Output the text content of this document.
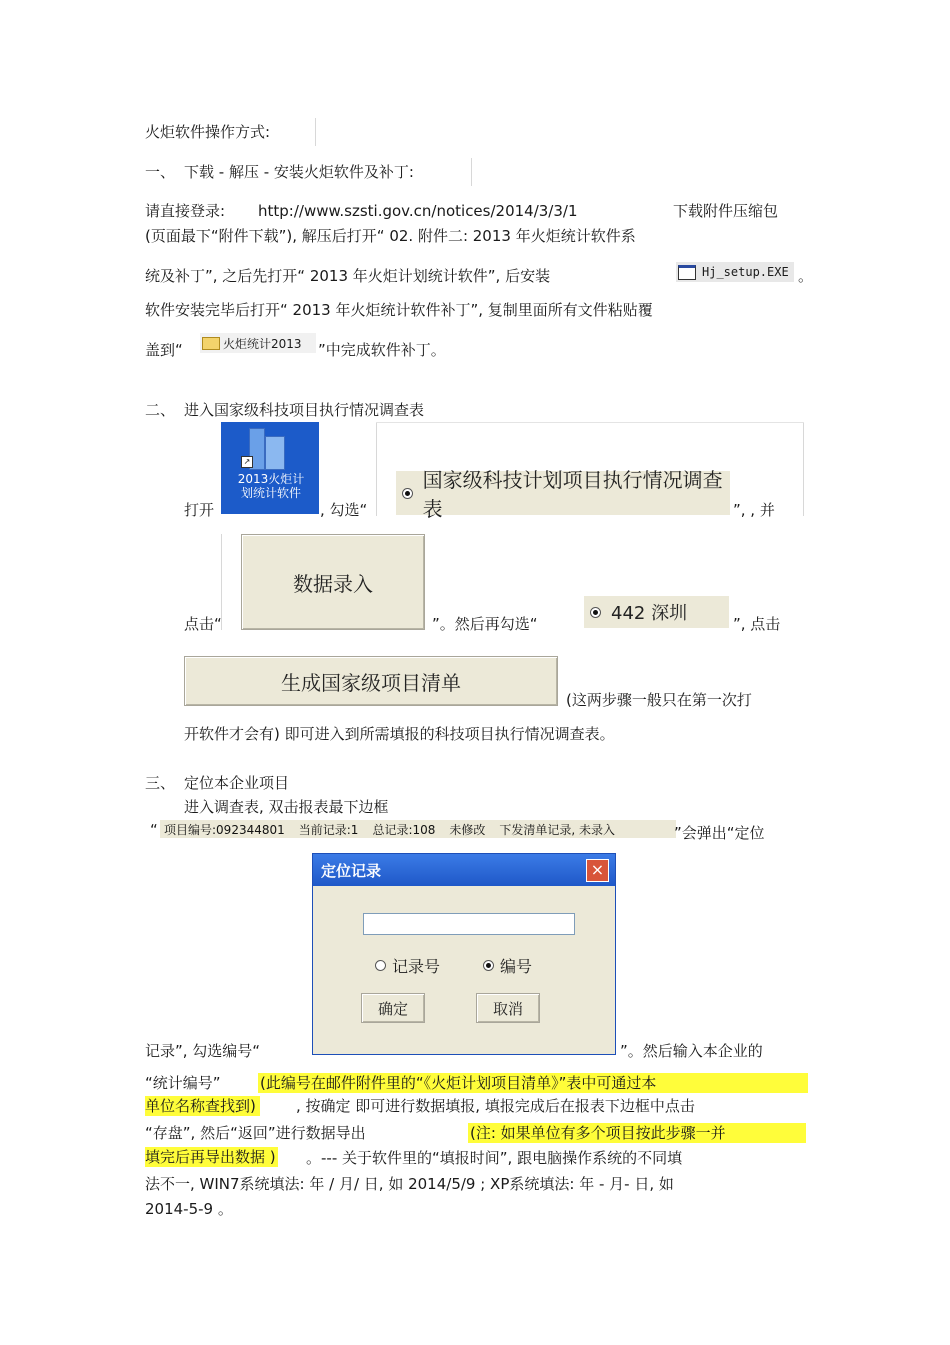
火炬软件操作方式:
一、 下载 - 解压 - 安装火炬软件及补丁:
请直接登录: http://www.szsti.gov.cn/notices/2014/3/3/1	下载附件压缩包
(页面最下“附件下载”), 解压后打开“ 02. 附件二: 2013 年火炬统计软件系
统及补丁”, 之后先打开“ 2013 年火炬计划统计软件”, 后安装	Hj_setup.EXE 。
软件安装完毕后打开“ 2013 年火炬统计软件补丁”, 复制里面所有文件粘贴覆
盖到“	火炬统计2013 ”中完成软件补丁。
二、 进入国家级科技项目执行情况调查表
↗
2013火炬计
划统计软件
打开	, 勾选“
国家级科技计划项目执行情况调查表	”, , 并
点击“
数据录入
”。然后再勾选“	442 深圳	”, 点击
生成国家级项目清单
(这两步骤一般只在第一次打
开软件才会有) 即可进入到所需填报的科技项目执行情况调查表。
三、 定位本企业项目
进入调查表, 双击报表最下边框
“ 项目编号:092344801 当前记录:1 总记录:108 未修改 下发清单记录, 未录入	”会弹出“定位
定位记录	×
记录号	编号
确定	取消
记录”, 勾选编号“	”。然后输入本企业的
“统计编号”	(此编号在邮件附件里的“《火炬计划项目清单》”表中可通过本
单位名称查找到)	, 按确定 即可进行数据填报, 填报完成后在报表下边框中点击
“存盘”, 然后“返回”进行数据导出	(注: 如果单位有多个项目按此步骤一并
填完后再导出数据 ) 。--- 关于软件里的“填报时间”, 跟电脑操作系统的不同填
法不一, WIN7系统填法: 年 / 月/ 日, 如 2014/5/9 ; XP系统填法: 年 - 月- 日, 如
2014-5-9 。
